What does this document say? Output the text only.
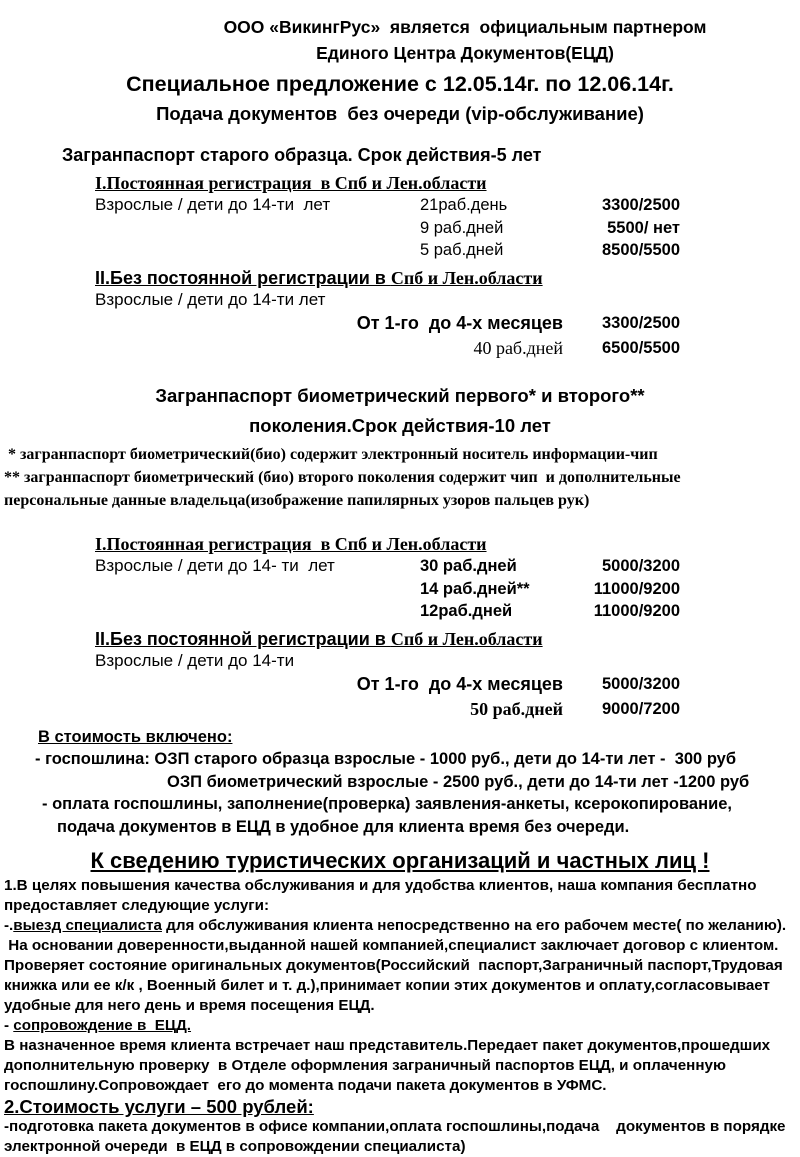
ООО «ВикингРус»  является  официальным партнером
Единого Центра Документов(ЕЦД)
Специальное предложение с 12.05.14г. по 12.06.14г.
Подача документов  без очереди (vip-обслуживание)
Загранпаспорт старого образца. Срок действия-5 лет
I.Постоянная регистрация  в Спб и Лен.области
Взрослые / дети до 14-ти  лет	21раб.день	3300/2500
9 раб.дней	5500/ нет
5 раб.дней	8500/5500
II.Без постоянной регистрации в Спб и Лен.области
Взрослые / дети до 14-ти лет
От 1-го  до 4-х месяцев	3300/2500
40 раб.дней	6500/5500
Загранпаспорт биометрический первого* и второго**
поколения.Срок действия-10 лет
* загранпаспорт биометрический(био) содержит электронный носитель информации-чип
** загранпаспорт биометрический (био) второго поколения содержит чип  и дополнительные
персональные данные владельца(изображение папилярных узоров пальцев рук)
I.Постоянная регистрация  в Спб и Лен.области
Взрослые / дети до 14- ти  лет	30 раб.дней	5000/3200
14 раб.дней**	11000/9200
12раб.дней	11000/9200
II.Без постоянной регистрации в Спб и Лен.области
Взрослые / дети до 14-ти
От 1-го  до 4-х месяцев	5000/3200
50 раб.дней	9000/7200
В стоимость включено:
- госпошлина: ОЗП старого образца взрослые - 1000 руб., дети до 14-ти лет -  300 руб
ОЗП биометрический взрослые - 2500 руб., дети до 14-ти лет -1200 руб
- оплата госпошлины, заполнение(проверка) заявления-анкеты, ксерокопирование,
подача документов в ЕЦД в удобное для клиента время без очереди.
К сведению туристических организаций и частных лиц !
1.В целях повышения качества обслуживания и для удобства клиентов, наша компания бесплатно
предоставляет следующие услуги:
-.выезд специалиста для обслуживания клиента непосредственно на его рабочем месте( по желанию).
На основании доверенности,выданной нашей компанией,специалист заключает договор с клиентом.
Проверяет состояние оригинальных документов(Российский  паспорт,Заграничный паспорт,Трудовая
книжка или ее к/к , Военный билет и т. д.),принимает копии этих документов и оплату,согласовывает
удобные для него день и время посещения ЕЦД.
- сопровождение в  ЕЦД.
В назначенное время клиента встречает наш представитель.Передает пакет документов,прошедших
дополнительную проверку  в Отделе оформления заграничный паспортов ЕЦД, и оплаченную
госпошлину.Сопровождает  его до момента подачи пакета документов в УФМС.
2.Стоимость услуги – 500 рублей:
-подготовка пакета документов в офисе компании,оплата госпошлины,подача    документов в порядке
электронной очереди  в ЕЦД в сопровождении специалиста)
